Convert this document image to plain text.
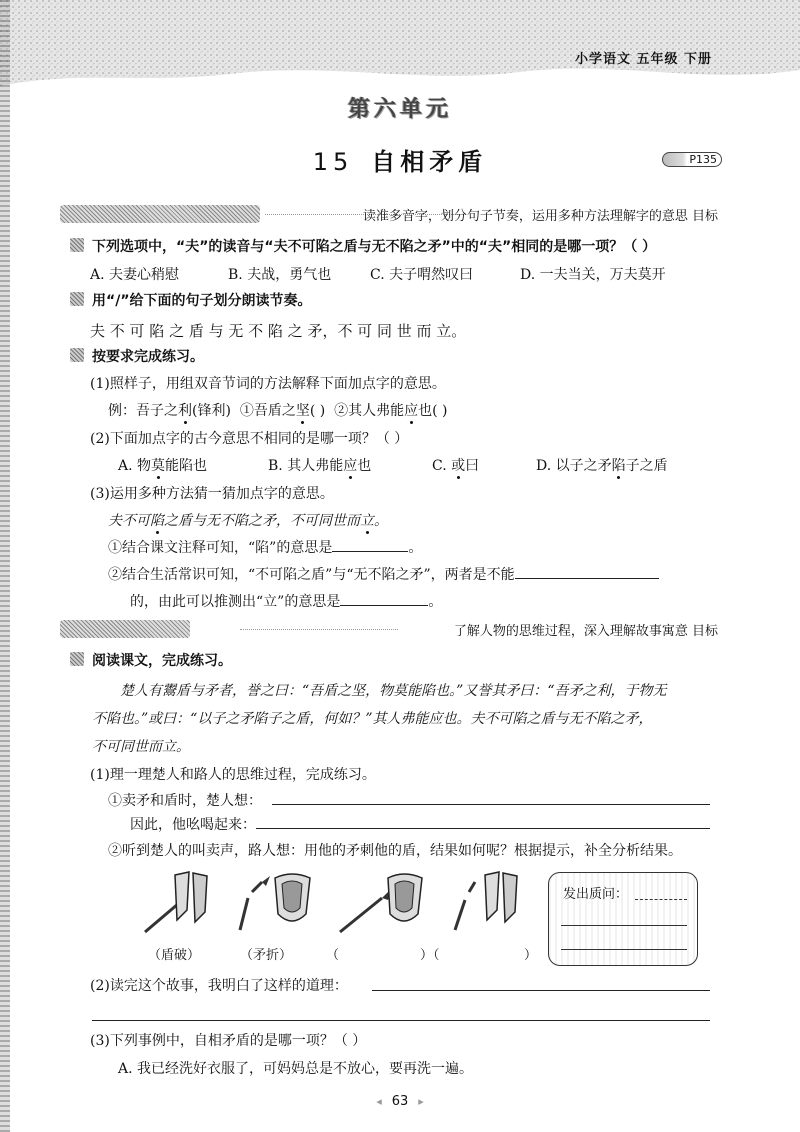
小学语文 五年级 下册
第六单元
15 自相矛盾	P135
读准多音字，划分句子节奏，运用多种方法理解字的意思 目标
下列选项中，“夫”的读音与“夫不可陷之盾与无不陷之矛”中的“夫”相同的是哪一项？（ ）
A. 夫妻心稍慰	B. 夫战，勇气也	C. 夫子喟然叹曰	D. 一夫当关，万夫莫开
用“/”给下面的句子划分朗读节奏。
夫 不 可 陷 之 盾 与 无 不 陷 之 矛，不 可 同 世 而 立。
按要求完成练习。
(1)照样子，用组双音节词的方法解释下面加点字的意思。
例：吾子之利(锋利) ①吾盾之坚( ) ②其人弗能应也( )
(2)下面加点字的古今意思不相同的是哪一项？（ ）
A. 物莫能陷也	B. 其人弗能应也	C. 或曰	D. 以子之矛陷子之盾
(3)运用多种方法猜一猜加点字的意思。
夫不可陷之盾与无不陷之矛，不可同世而立。
①结合课文注释可知，“陷”的意思是	。
②结合生活常识可知，“不可陷之盾”与“无不陷之矛”，两者是不能
的，由此可以推测出“立”的意思是	。
了解人物的思维过程，深入理解故事寓意 目标
阅读课文，完成练习。
楚人有鬻盾与矛者，誉之曰：“吾盾之坚，物莫能陷也。”又誉其矛曰：“吾矛之利，于物无
不陷也。”或曰：“以子之矛陷子之盾，何如？”其人弗能应也。夫不可陷之盾与无不陷之矛，
不可同世而立。
(1)理一理楚人和路人的思维过程，完成练习。
①卖矛和盾时，楚人想：
因此，他吆喝起来：
②听到楚人的叫卖声，路人想：用他的矛刺他的盾，结果如何呢？根据提示，补全分析结果。
（盾破）	（矛折）	（	）（	）
发出质问：
(2)读完这个故事，我明白了这样的道理：
(3)下列事例中，自相矛盾的是哪一项？（ ）
A. 我已经洗好衣服了，可妈妈总是不放心，要再洗一遍。
◂ 63 ▸
